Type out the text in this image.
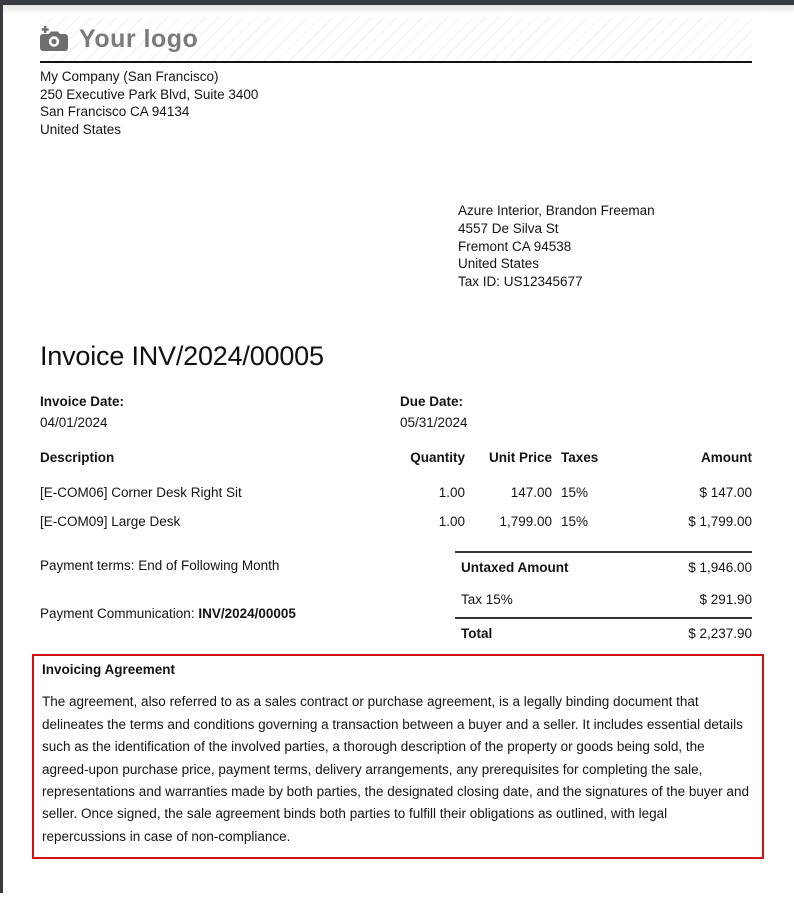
Your logo
My Company (San Francisco)
250 Executive Park Blvd, Suite 3400
San Francisco CA 94134
United States
Azure Interior, Brandon Freeman
4557 De Silva St
Fremont CA 94538
United States
Tax ID: US12345677
Invoice INV/2024/00005
Invoice Date:
04/01/2024
Due Date:
05/31/2024
Description	Quantity	Unit Price Taxes	Amount
[E-COM06] Corner Desk Right Sit	1.00	147.00 15%	$ 147.00
[E-COM09] Large Desk	1.00	1,799.00 15%	$ 1,799.00
Payment terms: End of Following Month
Payment Communication: INV/2024/00005
Untaxed Amount	$ 1,946.00
Tax 15%	$ 291.90
Total	$ 2,237.90
Invoicing Agreement
The agreement, also referred to as a sales contract or purchase agreement, is a legally binding document that delineates the terms and conditions governing a transaction between a buyer and a seller. It includes essential details such as the identification of the involved parties, a thorough description of the property or goods being sold, the agreed-upon purchase price, payment terms, delivery arrangements, any prerequisites for completing the sale, representations and warranties made by both parties, the designated closing date, and the signatures of the buyer and seller. Once signed, the sale agreement binds both parties to fulfill their obligations as outlined, with legal repercussions in case of non-compliance.
